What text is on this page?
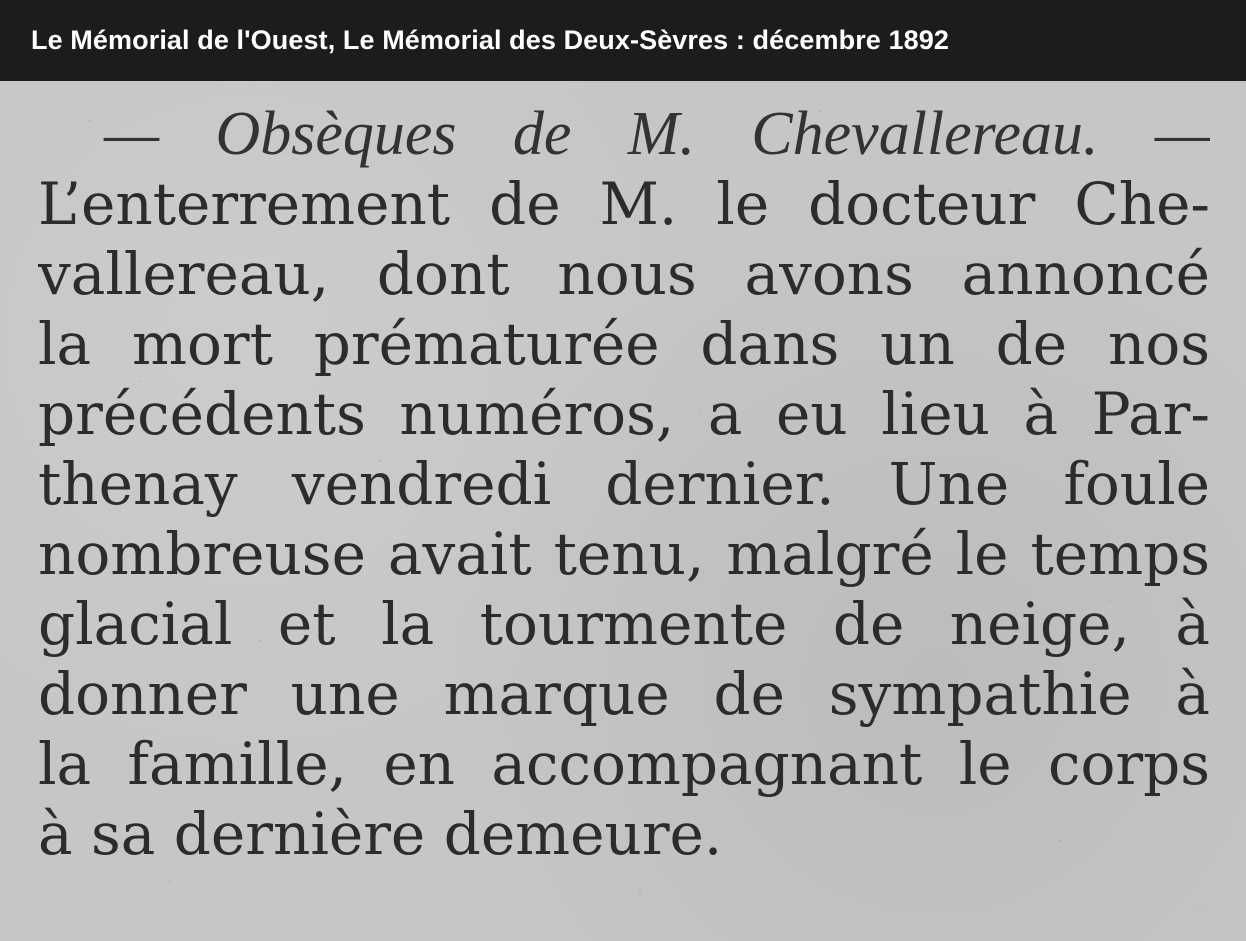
Le Mémorial de l'Ouest, Le Mémorial des Deux-Sèvres : décembre 1892
— Obsèques de M. Chevallereau. —
L’enterrement de M. le docteur Che-
vallereau, dont nous avons annoncé
la mort prématurée dans un de nos
précédents numéros, a eu lieu à Par-
thenay vendredi dernier. Une foule
nombreuse avait tenu, malgré le temps
glacial et la tourmente de neige, à
donner une marque de sympathie à
la famille, en accompagnant le corps
à sa dernière demeure.
